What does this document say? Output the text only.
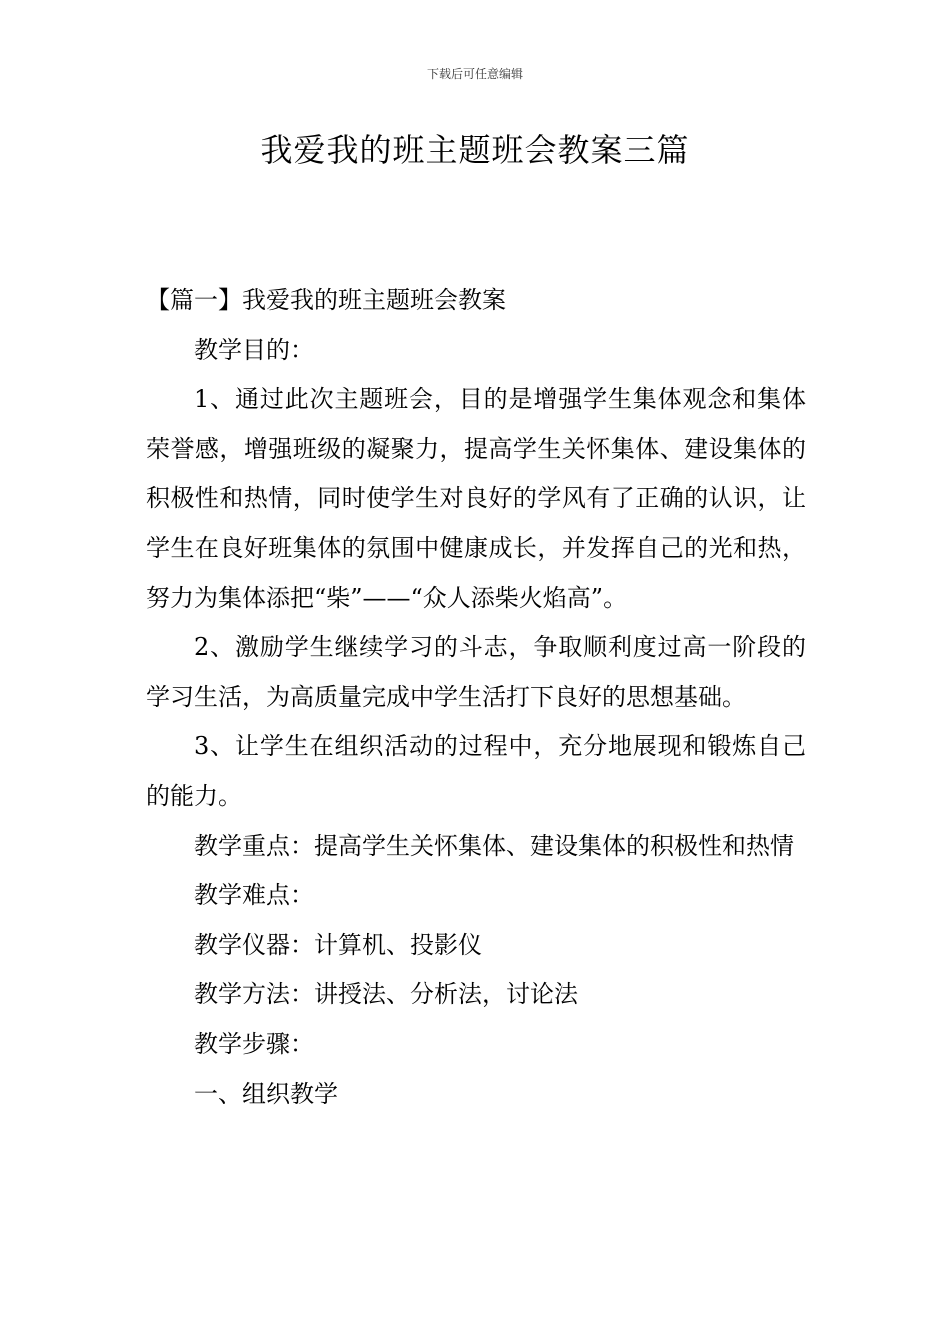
下载后可任意编辑
我爱我的班主题班会教案三篇

【篇一】我爱我的班主题班会教案

教学目的：

1、通过此次主题班会，目的是增强学生集体观念和集体荣誉感，增强班级的凝聚力，提高学生关怀集体、建设集体的积极性和热情，同时使学生对良好的学风有了正确的认识，让学生在良好班集体的氛围中健康成长，并发挥自己的光和热，努力为集体添把“柴”——“众人添柴火焰高”。

2、激励学生继续学习的斗志，争取顺利度过高一阶段的学习生活，为高质量完成中学生活打下良好的思想基础。

3、让学生在组织活动的过程中，充分地展现和锻炼自己的能力。

教学重点：提高学生关怀集体、建设集体的积极性和热情

教学难点：

教学仪器：计算机、投影仪

教学方法：讲授法、分析法，讨论法

教学步骤：

一、组织教学
